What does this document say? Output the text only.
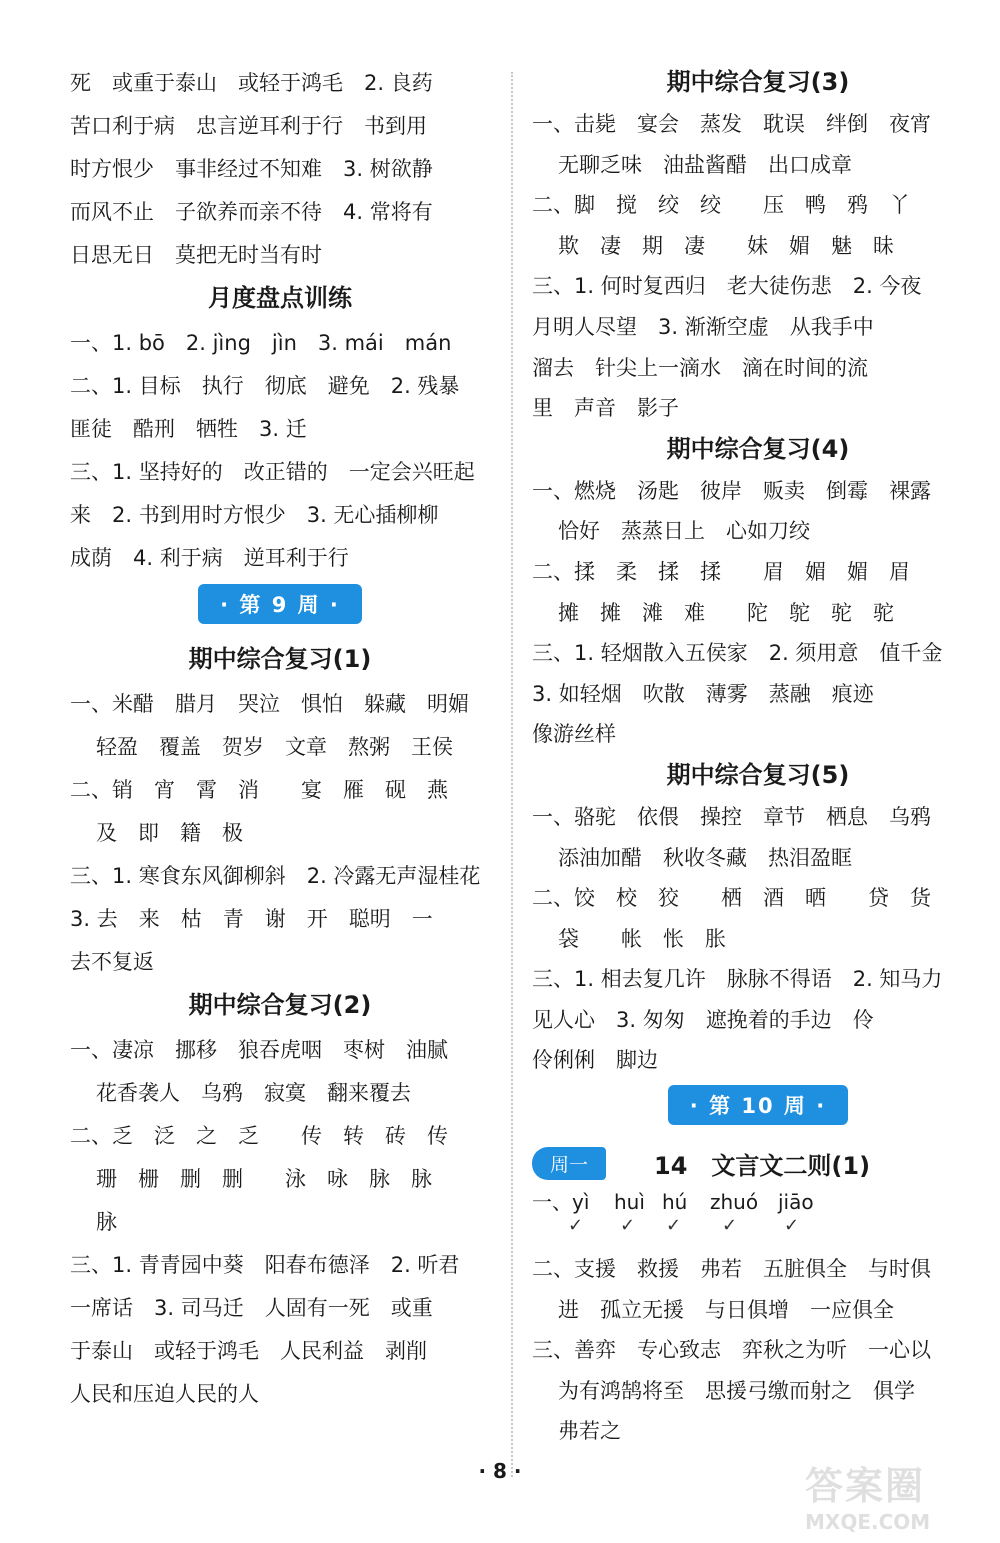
死　或重于泰山　或轻于鸿毛　2. 良药
苦口利于病　忠言逆耳利于行　书到用
时方恨少　事非经过不知难　3. 树欲静
而风不止　子欲养而亲不待　4. 常将有
日思无日　莫把无时当有时
月度盘点训练
一、1. bō　2. jìng　jìn　3. mái　mán
二、1. 目标　执行　彻底　避免　2. 残暴
匪徒　酷刑　牺牲　3. 迁
三、1. 坚持好的　改正错的　一定会兴旺起
来　2. 书到用时方恨少　3. 无心插柳柳
成荫　4. 利于病　逆耳利于行
· 第 9 周 ·
期中综合复习(1)
一、米醋　腊月　哭泣　惧怕　躲藏　明媚
轻盈　覆盖　贺岁　文章　熬粥　王侯
二、销　宵　霄　消　　宴　雁　砚　燕
及　即　籍　极
三、1. 寒食东风御柳斜　2. 冷露无声湿桂花
3. 去　来　枯　青　谢　开　聪明　一
去不复返
期中综合复习(2)
一、凄凉　挪移　狼吞虎咽　枣树　油腻
花香袭人　乌鸦　寂寞　翻来覆去
二、乏　泛　之　乏　　传　转　砖　传
珊　栅　删　删　　泳　咏　脉　脉
脉
三、1. 青青园中葵　阳春布德泽　2. 听君
一席话　3. 司马迁　人固有一死　或重
于泰山　或轻于鸿毛　人民利益　剥削
人民和压迫人民的人
期中综合复习(3)
一、击毙　宴会　蒸发　耽误　绊倒　夜宵
无聊乏味　油盐酱醋　出口成章
二、脚　搅　绞　绞　　压　鸭　鸦　丫
欺　凄　期　凄　　妹　媚　魅　昧
三、1. 何时复西归　老大徒伤悲　2. 今夜
月明人尽望　3. 渐渐空虚　从我手中
溜去　针尖上一滴水　滴在时间的流
里　声音　影子
期中综合复习(4)
一、燃烧　汤匙　彼岸　贩卖　倒霉　裸露
恰好　蒸蒸日上　心如刀绞
二、揉　柔　揉　揉　　眉　媚　媚　眉
摊　摊　滩　难　　陀　鸵　驼　驼
三、1. 轻烟散入五侯家　2. 须用意　值千金
3. 如轻烟　吹散　薄雾　蒸融　痕迹
像游丝样
期中综合复习(5)
一、骆驼　依偎　操控　章节　栖息　乌鸦
添油加醋　秋收冬藏　热泪盈眶
二、饺　校　狡　　栖　酒　晒　　贷　货
袋　　帐　怅　胀
三、1. 相去复几许　脉脉不得语　2. 知马力
见人心　3. 匆匆　遮挽着的手边　伶
伶俐俐　脚边
· 第 10 周 ·
周一	14　文言文二则(1)
一、yì huì hú zhuó jiāo
✓ ✓ ✓ ✓	✓
二、支援　救援　弗若　五脏俱全　与时俱
进　孤立无援　与日俱增　一应俱全
三、善弈　专心致志　弈秋之为听　一心以
为有鸿鹄将至　思援弓缴而射之　俱学
弗若之
· 8 ·	答案圈
MXQE.COM
